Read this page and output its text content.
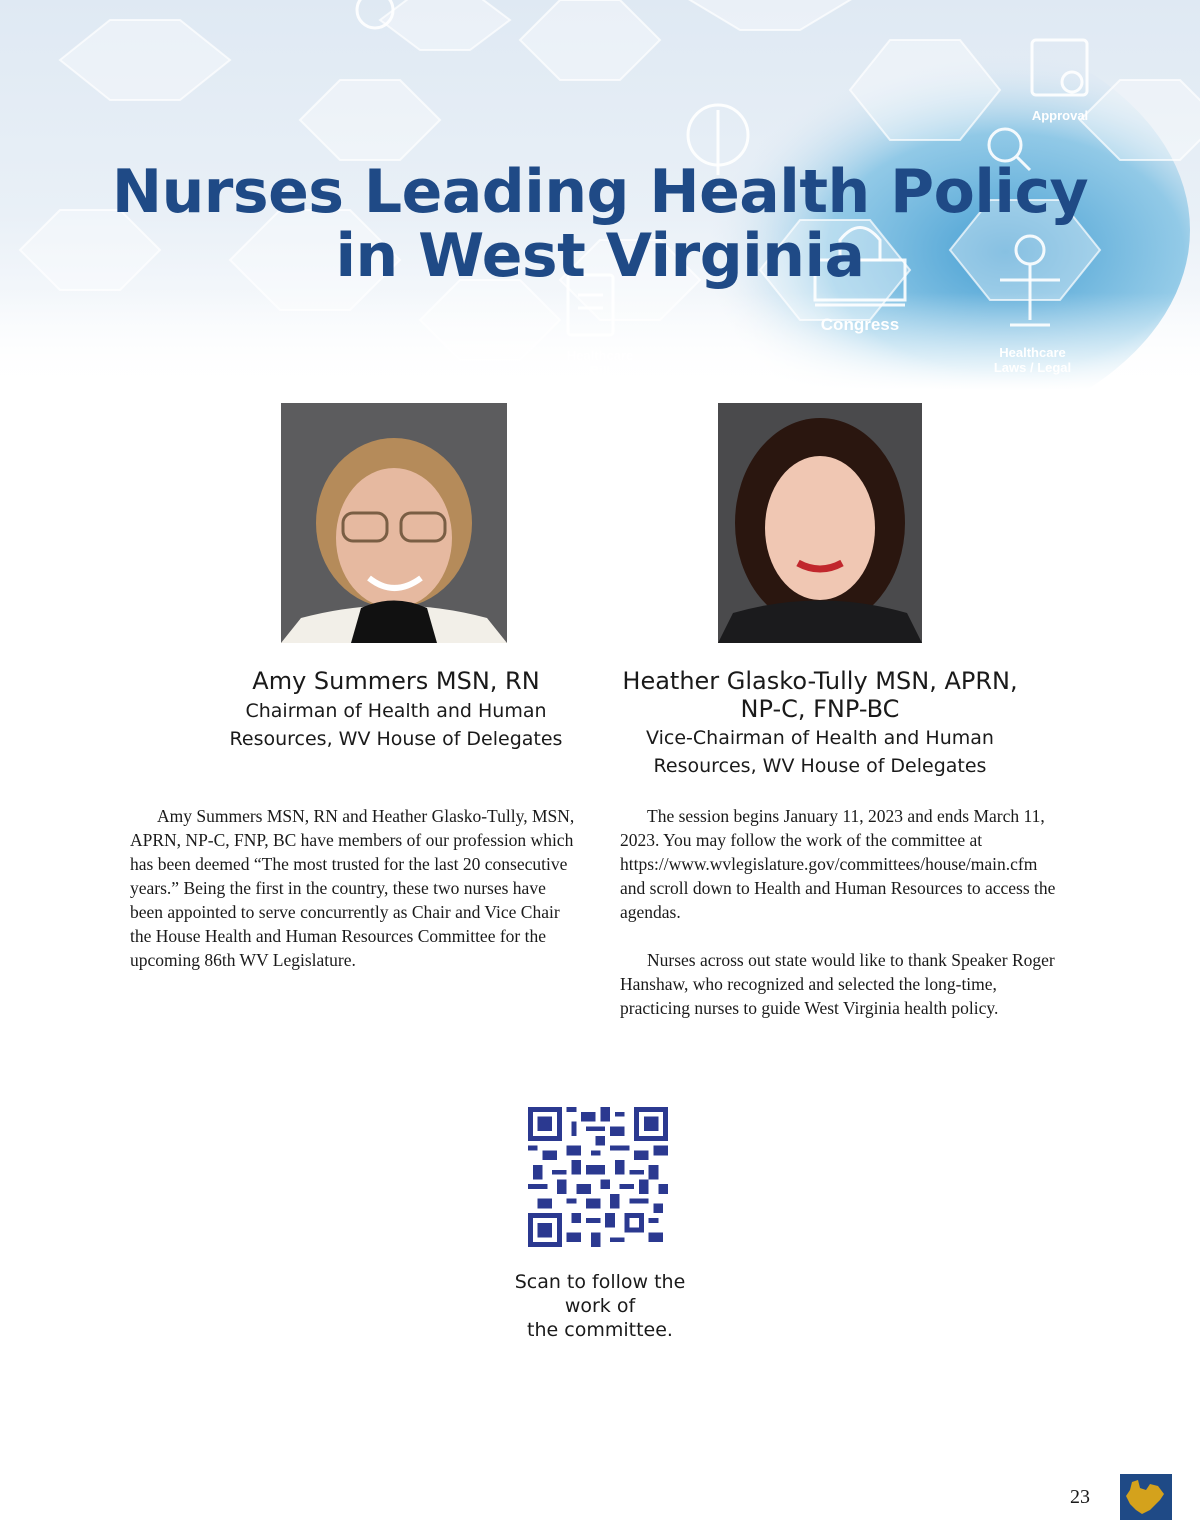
Approval
Congress
Healthcare Bill
Healthcare Laws / Legal
Nurses Leading Health Policy
in West Virginia
Amy Summers MSN, RN
Chairman of Health and Human
Resources, WV House of Delegates
Heather Glasko-Tully MSN, APRN,
NP-C, FNP-BC
Vice-Chairman of Health and Human
Resources, WV House of Delegates

Amy Summers MSN, RN and Heather Glasko-Tully, MSN, APRN, NP-C, FNP, BC have members of our profession which has been deemed “The most trusted for the last 20 consecutive years.” Being the first in the country, these two nurses have been appointed to serve concurrently as Chair and Vice Chair the House Health and Human Resources Committee for the upcoming 86th WV Legislature.

The session begins January 11, 2023 and ends March 11, 2023. You may follow the work of the committee at https://www.wvlegislature.gov/committees/house/main.cfm and scroll down to Health and Human Resources to access the agendas.

Nurses across out state would like to thank Speaker Roger Hanshaw, who recognized and selected the long-time, practicing nurses to guide West Virginia health policy.

Scan to follow the
work of
the committee.
23
